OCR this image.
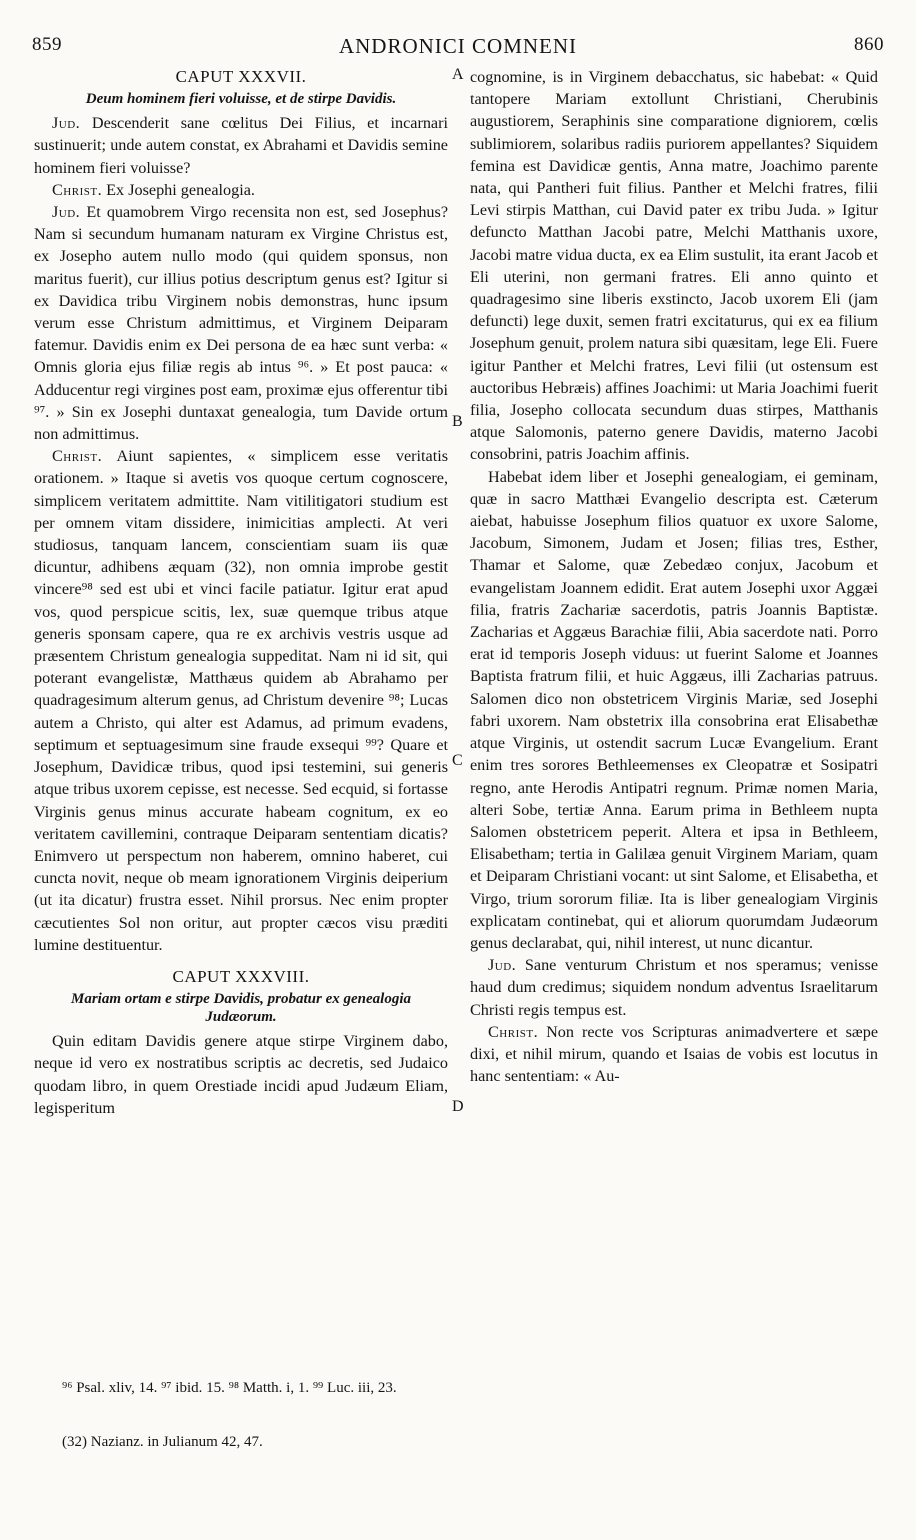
859	ANDRONICI COMNENI	860
CAPUT XXXVII.
Deum hominem fieri voluisse, et de stirpe Davidis.

Jud. Descenderit sane cœlitus Dei Filius, et incarnari sustinuerit; unde autem constat, ex Abrahami et Davidis semine hominem fieri voluisse?

Christ. Ex Josephi genealogia.

Jud. Et quamobrem Virgo recensita non est, sed Josephus? Nam si secundum humanam naturam ex Virgine Christus est, ex Josepho autem nullo modo (qui quidem sponsus, non maritus fuerit), cur illius potius descriptum genus est? Igitur si ex Davidica tribu Virginem nobis demonstras, hunc ipsum verum esse Christum admittimus, et Virginem Deiparam fatemur. Davidis enim ex Dei persona de ea hæc sunt verba: « Omnis gloria ejus filiæ regis ab intus ⁹⁶. » Et post pauca: « Adducentur regi virgines post eam, proximæ ejus offerentur tibi ⁹⁷. » Sin ex Josephi duntaxat genealogia, tum Davide ortum non admittimus.

Christ. Aiunt sapientes, « simplicem esse veritatis orationem. » Itaque si avetis vos quoque certum cognoscere, simplicem veritatem admittite. Nam vitilitigatori studium est per omnem vitam dissidere, inimicitias amplecti. At veri studiosus, tanquam lancem, conscientiam suam iis quæ dicuntur, adhibens æquam (32), non omnia improbe gestit vincere⁹⁸ sed est ubi et vinci facile patiatur. Igitur erat apud vos, quod perspicue scitis, lex, suæ quemque tribus atque generis sponsam capere, qua re ex archivis vestris usque ad præsentem Christum genealogia suppeditat. Nam ni id sit, qui poterant evangelistæ, Matthæus quidem ab Abrahamo per quadragesimum alterum genus, ad Christum devenire ⁹⁸; Lucas autem a Christo, qui alter est Adamus, ad primum evadens, septimum et septuagesimum sine fraude exsequi ⁹⁹? Quare et Josephum, Davidicæ tribus, quod ipsi testemini, sui generis atque tribus uxorem cepisse, est necesse. Sed ecquid, si fortasse Virginis genus minus accurate habeam cognitum, ex eo veritatem cavillemini, contraque Deiparam sententiam dicatis? Enimvero ut perspectum non haberem, omnino haberet, cui cuncta novit, neque ob meam ignorationem Virginis deiperium (ut ita dicatur) frustra esset. Nihil prorsus. Nec enim propter cæcutientes Sol non oritur, aut propter cæcos visu præditi lumine destituentur.

CAPUT XXXVIII.
Mariam ortam e stirpe Davidis, probatur ex genealogia Judæorum.

Quin editam Davidis genere atque stirpe Virginem dabo, neque id vero ex nostratibus scriptis ac decretis, sed Judaico quodam libro, in quem Orestiade incidi apud Judæum Eliam, legisperitum

A
B
C
D

cognomine, is in Virginem debacchatus, sic habebat: « Quid tantopere Mariam extollunt Christiani, Cherubinis augustiorem, Seraphinis sine comparatione digniorem, cœlis sublimiorem, solaribus radiis puriorem appellantes? Siquidem femina est Davidicæ gentis, Anna matre, Joachimo parente nata, qui Pantheri fuit filius. Panther et Melchi fratres, filii Levi stirpis Matthan, cui David pater ex tribu Juda. » Igitur defuncto Matthan Jacobi patre, Melchi Matthanis uxore, Jacobi matre vidua ducta, ex ea Elim sustulit, ita erant Jacob et Eli uterini, non germani fratres. Eli anno quinto et quadragesimo sine liberis exstincto, Jacob uxorem Eli (jam defuncti) lege duxit, semen fratri excitaturus, qui ex ea filium Josephum genuit, prolem natura sibi quæsitam, lege Eli. Fuere igitur Panther et Melchi fratres, Levi filii (ut ostensum est auctoribus Hebræis) affines Joachimi: ut Maria Joachimi fuerit filia, Josepho collocata secundum duas stirpes, Matthanis atque Salomonis, paterno genere Davidis, materno Jacobi consobrini, patris Joachim affinis.

Habebat idem liber et Josephi genealogiam, ei geminam, quæ in sacro Matthæi Evangelio descripta est. Cæterum aiebat, habuisse Josephum filios quatuor ex uxore Salome, Jacobum, Simonem, Judam et Josen; filias tres, Esther, Thamar et Salome, quæ Zebedæo conjux, Jacobum et evangelistam Joannem edidit. Erat autem Josephi uxor Aggæi filia, fratris Zachariæ sacerdotis, patris Joannis Baptistæ. Zacharias et Aggæus Barachiæ filii, Abia sacerdote nati. Porro erat id temporis Joseph viduus: ut fuerint Salome et Joannes Baptista fratrum filii, et huic Aggæus, illi Zacharias patruus. Salomen dico non obstetricem Virginis Mariæ, sed Josephi fabri uxorem. Nam obstetrix illa consobrina erat Elisabethæ atque Virginis, ut ostendit sacrum Lucæ Evangelium. Erant enim tres sorores Bethleemenses ex Cleopatræ et Sosipatri regno, ante Herodis Antipatri regnum. Primæ nomen Maria, alteri Sobe, tertiæ Anna. Earum prima in Bethleem nupta Salomen obstetricem peperit. Altera et ipsa in Bethleem, Elisabetham; tertia in Galilæa genuit Virginem Mariam, quam et Deiparam Christiani vocant: ut sint Salome, et Elisabetha, et Virgo, trium sororum filiæ. Ita is liber genealogiam Virginis explicatam continebat, qui et aliorum quorumdam Judæorum genus declarabat, qui, nihil interest, ut nunc dicantur.

Jud. Sane venturum Christum et nos speramus; venisse haud dum credimus; siquidem nondum adventus Israelitarum Christi regis tempus est.

Christ. Non recte vos Scripturas animadvertere et sæpe dixi, et nihil mirum, quando et Isaias de vobis est locutus in hanc sententiam: « Au-

⁹⁶ Psal. xliv, 14. ⁹⁷ ibid. 15. ⁹⁸ Matth. i, 1. ⁹⁹ Luc. iii, 23.
(32) Nazianz. in Julianum 42, 47.
